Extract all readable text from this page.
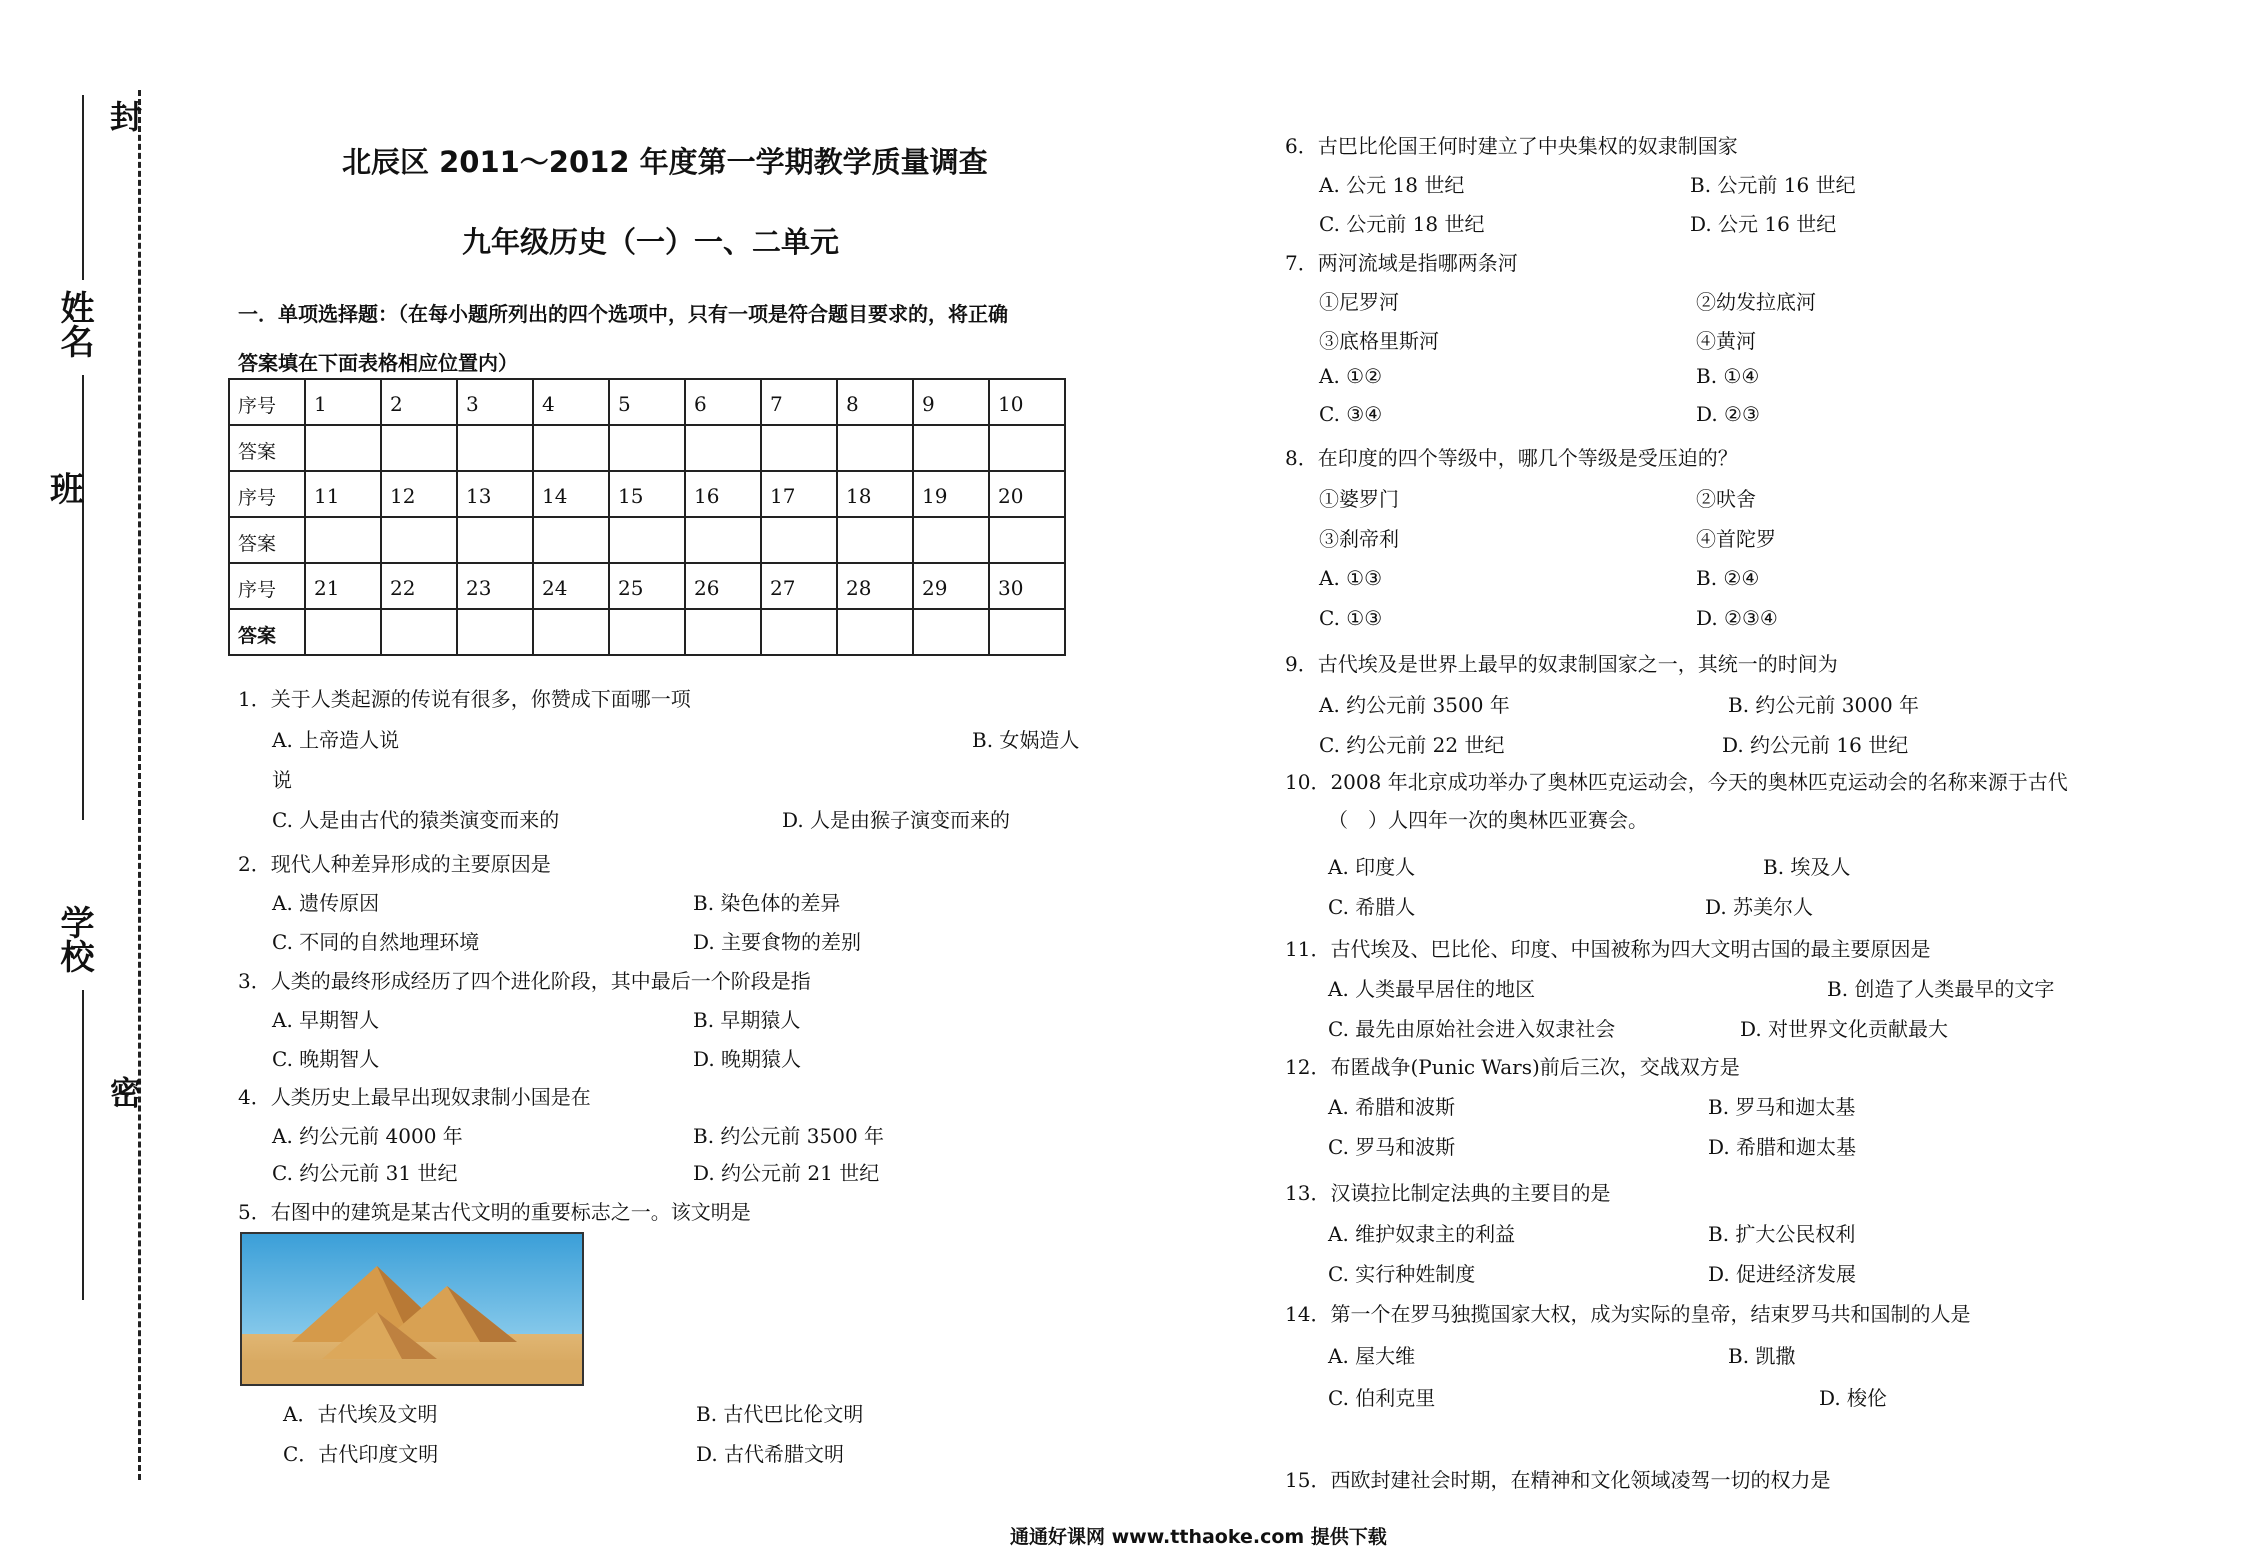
姓名
班
学校
封
密
北辰区 2011～2012 年度第一学期教学质量调查
九年级历史（一）一、二单元
一．单项选择题：（在每小题所列出的四个选项中，只有一项是符合题目要求的，将正确
答案填在下面表格相应位置内）
序号	1	2	3	4	5	6	7	8	9	10
答案										
序号	11	12	13	14	15	16	17	18	19	20
答案										
序号	21	22	23	24	25	26	27	28	29	30
答案										
1．关于人类起源的传说有很多，你赞成下面哪一项
A. 上帝造人说	B. 女娲造人
说
C. 人是由古代的猿类演变而来的	D. 人是由猴子演变而来的
2．现代人种差异形成的主要原因是
A. 遗传原因	B. 染色体的差异
C. 不同的自然地理环境	D. 主要食物的差别
3．人类的最终形成经历了四个进化阶段，其中最后一个阶段是指
A. 早期智人	B. 早期猿人
C. 晚期智人	D. 晚期猿人
4．人类历史上最早出现奴隶制小国是在
A. 约公元前 4000 年	B. 约公元前 3500 年
C. 约公元前 31 世纪	D. 约公元前 21 世纪
5．右图中的建筑是某古代文明的重要标志之一。该文明是
A．古代埃及文明	B. 古代巴比伦文明
C．古代印度文明	D. 古代希腊文明
6．古巴比伦国王何时建立了中央集权的奴隶制国家
A. 公元 18 世纪	B. 公元前 16 世纪
C. 公元前 18 世纪	D. 公元 16 世纪
7．两河流域是指哪两条河
①尼罗河	②幼发拉底河
③底格里斯河	④黄河
A. ①②	B. ①④
C. ③④	D. ②③
8．在印度的四个等级中，哪几个等级是受压迫的？
①婆罗门	②吠舍
③刹帝利	④首陀罗
A. ①③	B. ②④
C. ①③	D. ②③④
9．古代埃及是世界上最早的奴隶制国家之一，其统一的时间为
A. 约公元前 3500 年	B. 约公元前 3000 年
C. 约公元前 22 世纪	D. 约公元前 16 世纪
10．2008 年北京成功举办了奥林匹克运动会，今天的奥林匹克运动会的名称来源于古代
（　）人四年一次的奥林匹亚赛会。
A. 印度人	B. 埃及人
C. 希腊人	D. 苏美尔人
11．古代埃及、巴比伦、印度、中国被称为四大文明古国的最主要原因是
A. 人类最早居住的地区	B. 创造了人类最早的文字
C. 最先由原始社会进入奴隶社会	D. 对世界文化贡献最大
12．布匿战争(Punic Wars)前后三次，交战双方是
A. 希腊和波斯	B. 罗马和迦太基
C. 罗马和波斯	D. 希腊和迦太基
13．汉谟拉比制定法典的主要目的是
A. 维护奴隶主的利益	B. 扩大公民权利
C. 实行种姓制度	D. 促进经济发展
14．第一个在罗马独揽国家大权，成为实际的皇帝，结束罗马共和国制的人是
A. 屋大维	B. 凯撒
C. 伯利克里	D. 梭伦
15．西欧封建社会时期，在精神和文化领域凌驾一切的权力是
通通好课网 www.tthaoke.com 提供下载
